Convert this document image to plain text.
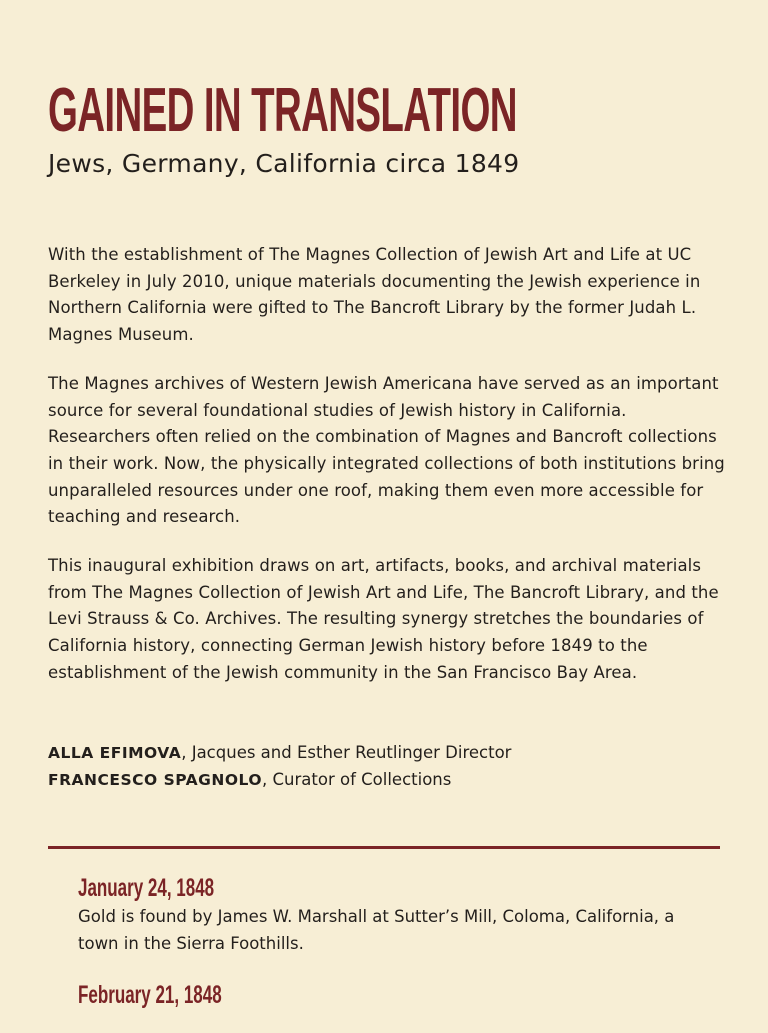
GAINED IN TRANSLATION
Jews, Germany, California circa 1849

With the establishment of The Magnes Collection of Jewish Art and Life at UC Berkeley in July 2010, unique materials documenting the Jewish experience in Northern California were gifted to The Bancroft Library by the former Judah L. Magnes Museum.

The Magnes archives of Western Jewish Americana have served as an important source for several foundational studies of Jewish history in California. Researchers often relied on the combination of Magnes and Bancroft collections in their work. Now, the physically integrated collections of both institutions bring unparalleled resources under one roof, making them even more accessible for teaching and research.

This inaugural exhibition draws on art, artifacts, books, and archival materials from The Magnes Collection of Jewish Art and Life, The Bancroft Library, and the Levi Strauss & Co. Archives. The resulting synergy stretches the boundaries of California history, connecting German Jewish history before 1849 to the establishment of the Jewish community in the San Francisco Bay Area.

ALLA EFIMOVA, Jacques and Esther Reutlinger Director
FRANCESCO SPAGNOLO, Curator of Collections
January 24, 1848

Gold is found by James W. Marshall at Sutter’s Mill, Coloma, California, a town in the Sierra Foothills.

February 21, 1848
